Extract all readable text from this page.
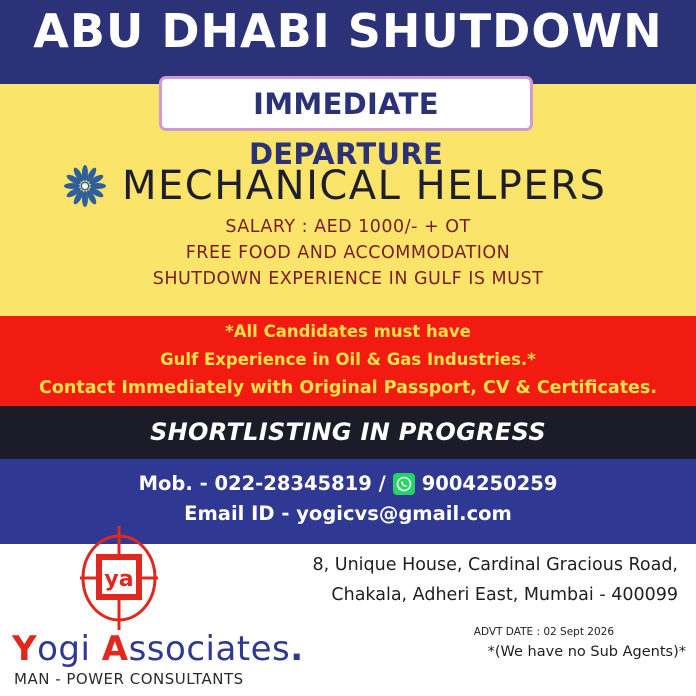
ABU DHABI SHUTDOWN
IMMEDIATE DEPARTURE
MECHANICAL HELPERS
SALARY : AED 1000/- + OT
FREE FOOD AND ACCOMMODATION
SHUTDOWN EXPERIENCE IN GULF IS MUST
*All Candidates must have
Gulf Experience in Oil & Gas Industries.*
Contact Immediately with Original Passport, CV & Certificates.
SHORTLISTING IN PROGRESS
Mob. - 022-28345819 / 9004250259
Email ID - yogicvs@gmail.com
ya
Yogi Associates.
MAN - POWER CONSULTANTS
8, Unique House, Cardinal Gracious Road,
Chakala, Adheri East, Mumbai - 400099
ADVT DATE : 02 Sept 2026
*(We have no Sub Agents)*
